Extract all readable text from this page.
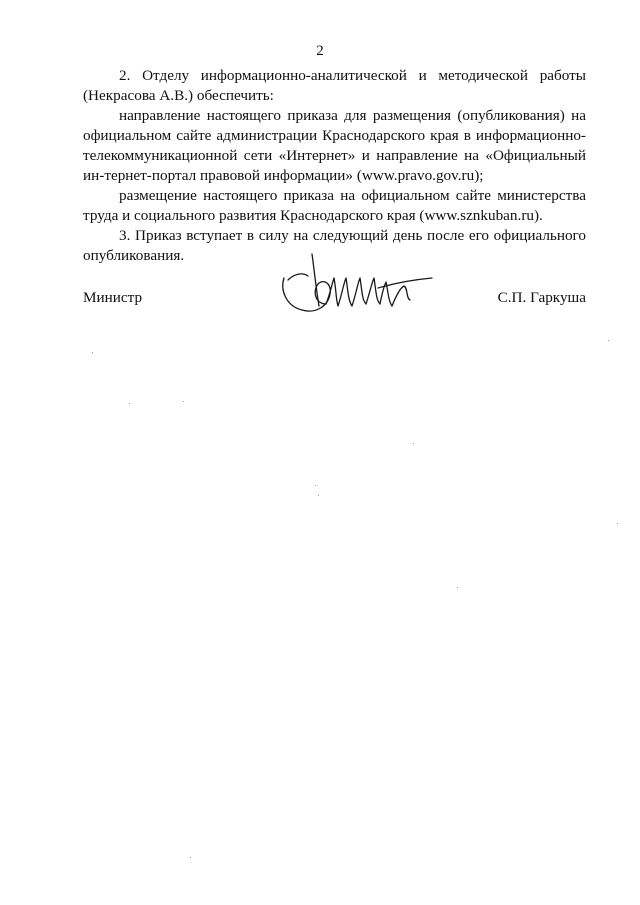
2

2. Отделу информационно-аналитической и методической работы (Некрасова А.В.) обеспечить:

направление настоящего приказа для размещения (опубликования) на официальном сайте администрации Краснодарского края в информационно-телекоммуникационной сети «Интернет» и направление на «Официальный ин-тернет-портал правовой информации» (www.pravo.gov.ru);

размещение настоящего приказа на официальном сайте министерства труда и социального развития Краснодарского края (www.sznkuban.ru).

3. Приказ вступает в силу на следующий день после его официального опубликования.

Министр	С.П. Гаркуша
